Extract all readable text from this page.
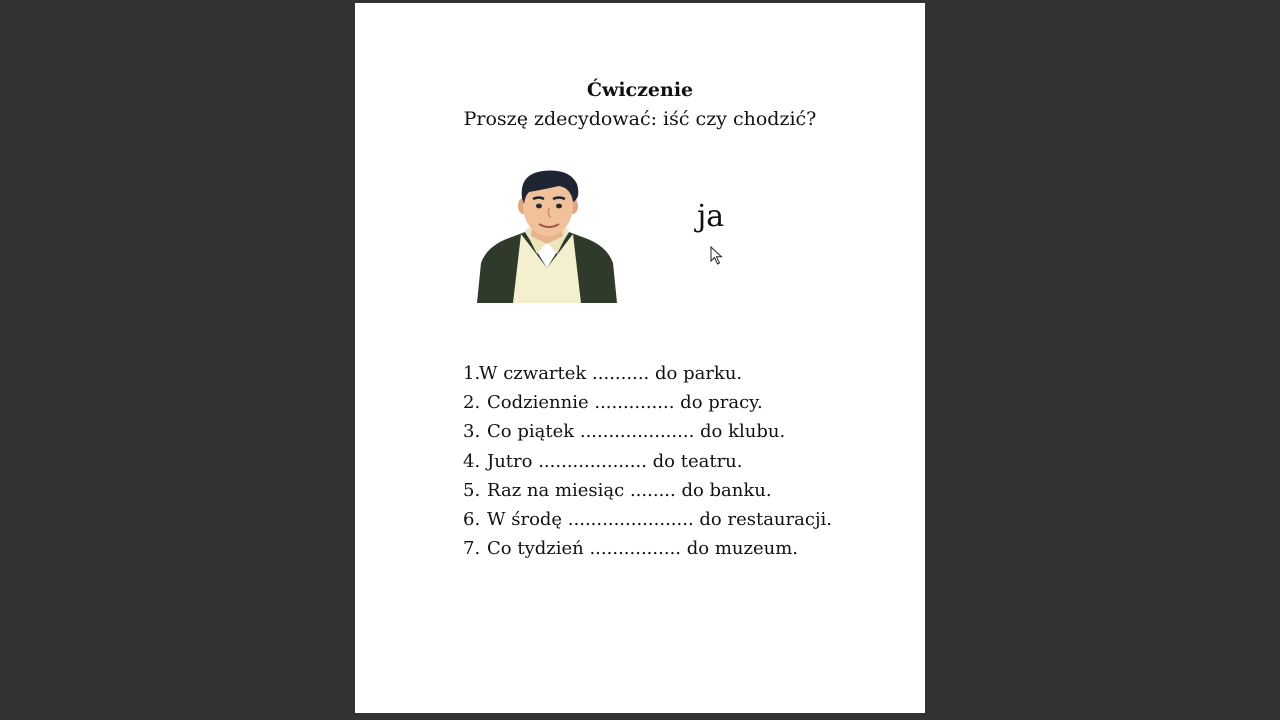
Ćwiczenie
Proszę zdecydować: iść czy chodzić?
ja
1.W czwartek .......... do parku.
2. Codziennie .............. do pracy.
3. Co piątek .................... do klubu.
4. Jutro ................... do teatru.
5. Raz na miesiąc ........ do banku.
6. W środę ...................... do restauracji.
7. Co tydzień ................ do muzeum.
